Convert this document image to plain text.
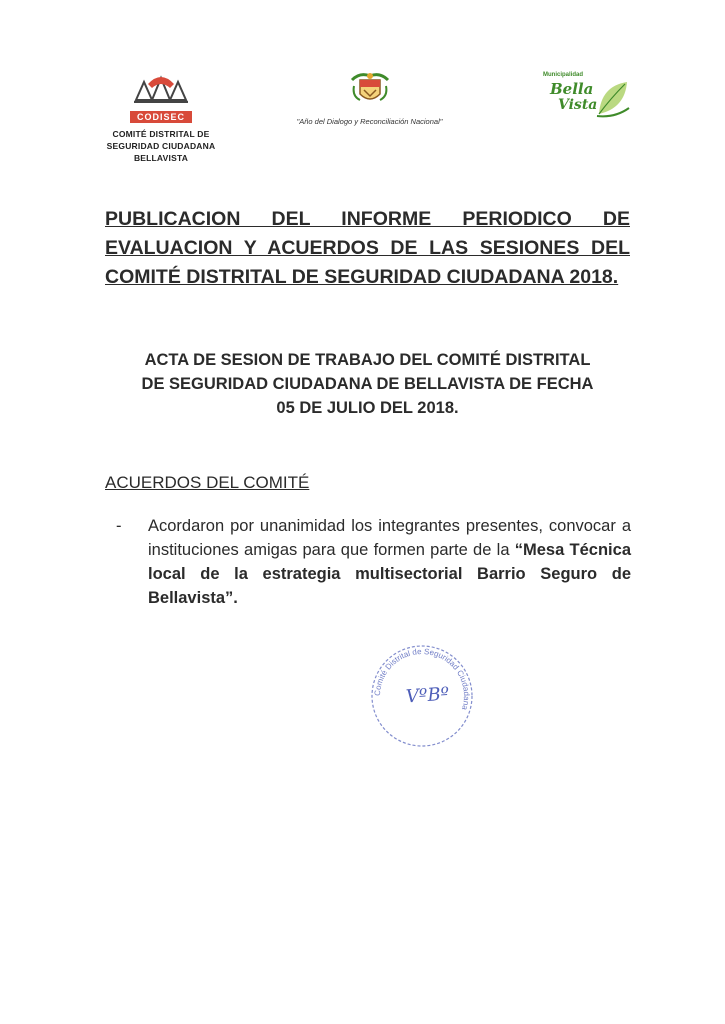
CODISEC
COMITÉ DISTRITAL DE
SEGURIDAD CIUDADANA
BELLAVISTA
"Año del Dialogo y Reconciliación Nacional"
Municipalidad
Bella
Vista
PUBLICACION DEL INFORME PERIODICO DE EVALUACION Y ACUERDOS DE LAS SESIONES DEL COMITÉ DISTRITAL DE SEGURIDAD CIUDADANA 2018.
ACTA DE SESION DE TRABAJO DEL COMITÉ DISTRITAL
DE SEGURIDAD CIUDADANA DE BELLAVISTA DE FECHA
05 DE JULIO DEL 2018.
ACUERDOS DEL COMITÉ
- Acordaron por unanimidad los integrantes presentes, convocar a instituciones amigas para que formen parte de la “Mesa Técnica local de la estrategia multisectorial Barrio Seguro de Bellavista”.
Comité Distrital de Seguridad Ciudadana
VºBº
